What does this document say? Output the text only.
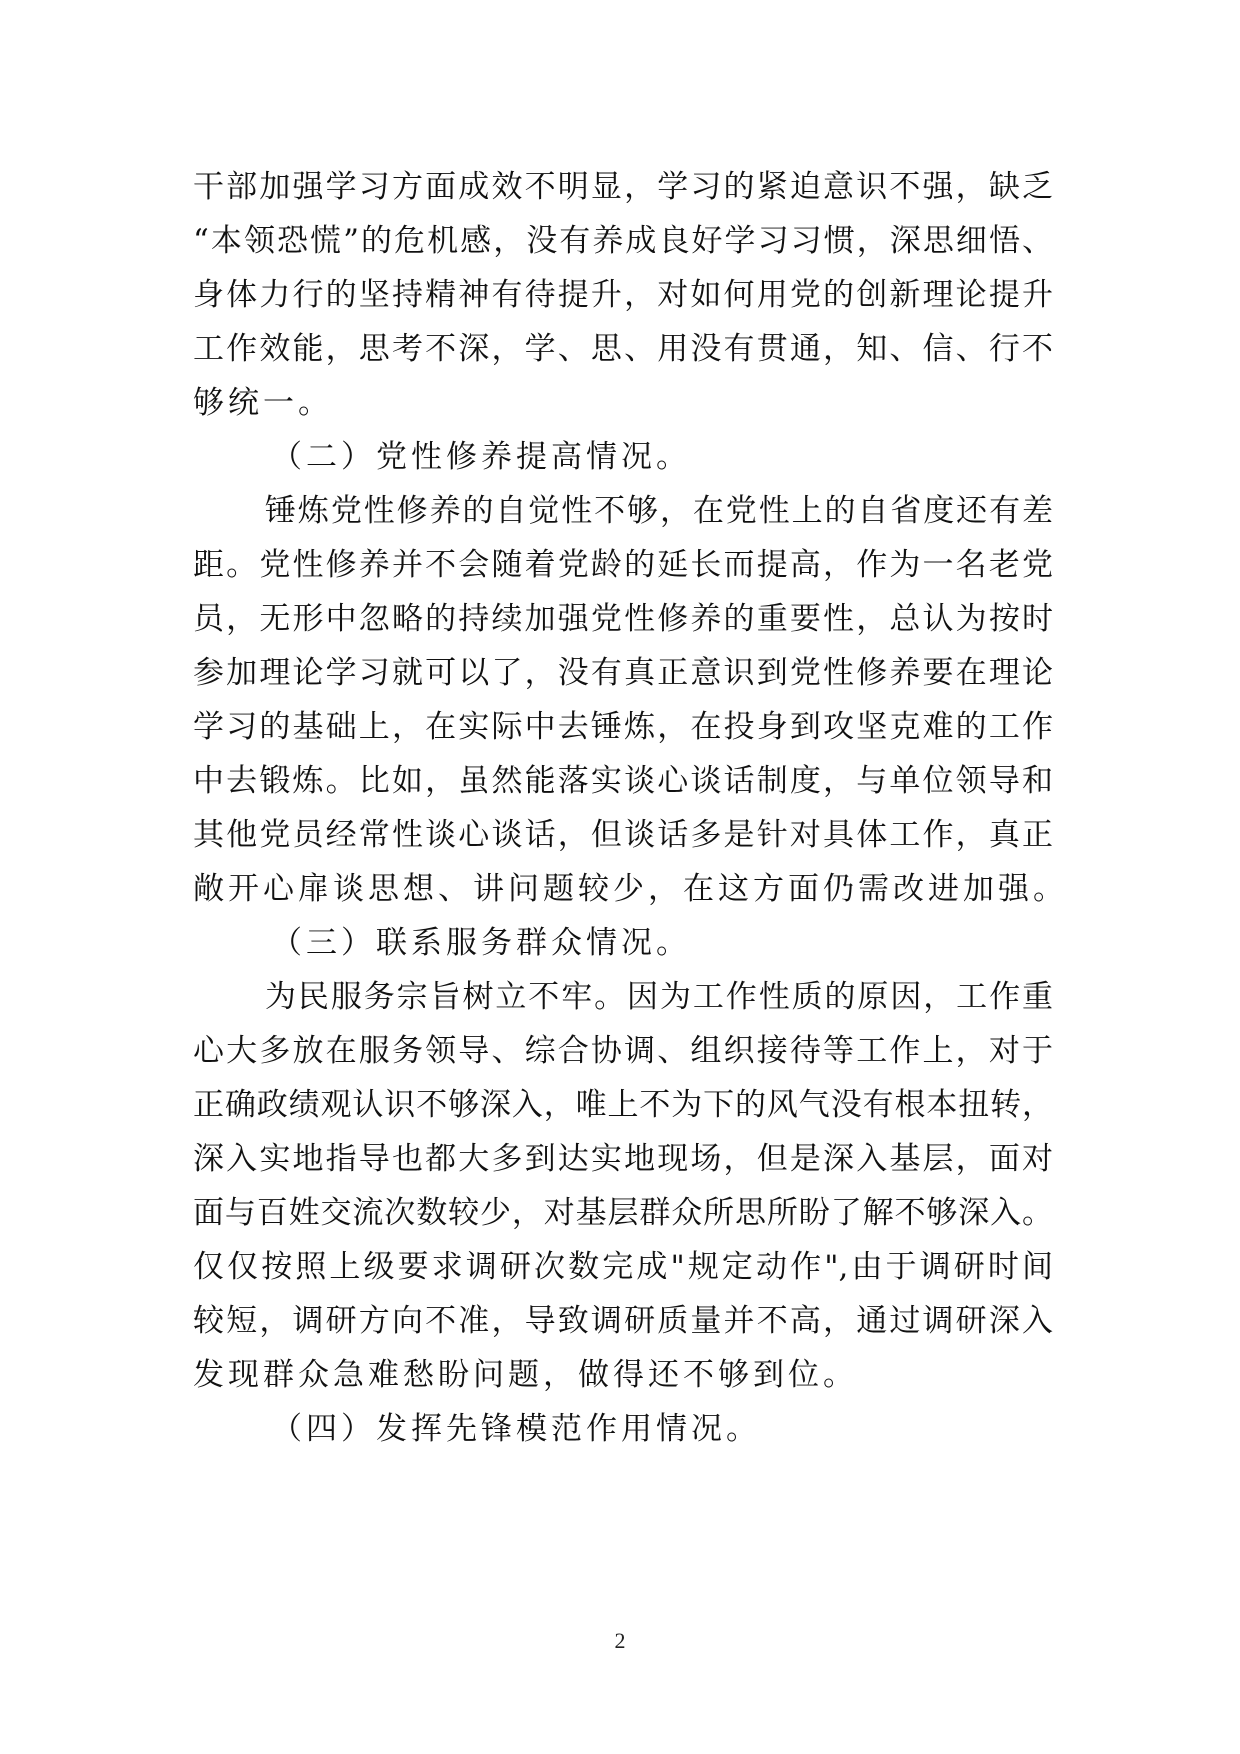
干部加强学习方面成效不明显，学习的紧迫意识不强，缺乏
“本领恐慌”的危机感，没有养成良好学习习惯，深思细悟、
身体力行的坚持精神有待提升，对如何用党的创新理论提升
工作效能，思考不深，学、思、用没有贯通，知、信、行不
够统一。
（二）党性修养提高情况。
锤炼党性修养的自觉性不够，在党性上的自省度还有差
距。党性修养并不会随着党龄的延长而提高，作为一名老党
员，无形中忽略的持续加强党性修养的重要性，总认为按时
参加理论学习就可以了，没有真正意识到党性修养要在理论
学习的基础上，在实际中去锤炼，在投身到攻坚克难的工作
中去锻炼。比如，虽然能落实谈心谈话制度，与单位领导和
其他党员经常性谈心谈话，但谈话多是针对具体工作，真正
敞开心扉谈思想、讲问题较少，在这方面仍需改进加强。
（三）联系服务群众情况。
为民服务宗旨树立不牢。因为工作性质的原因，工作重
心大多放在服务领导、综合协调、组织接待等工作上，对于
正确政绩观认识不够深入，唯上不为下的风气没有根本扭转，
深入实地指导也都大多到达实地现场，但是深入基层，面对
面与百姓交流次数较少，对基层群众所思所盼了解不够深入。
仅仅按照上级要求调研次数完成"规定动作",由于调研时间
较短，调研方向不准，导致调研质量并不高，通过调研深入
发现群众急难愁盼问题，做得还不够到位。
（四）发挥先锋模范作用情况。
2
